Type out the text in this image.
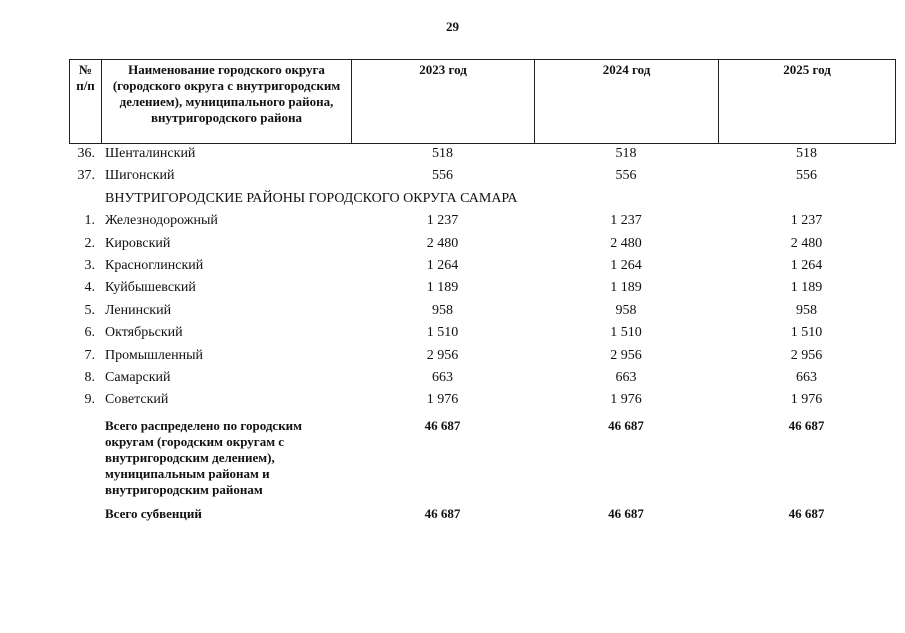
29
№ п/п	Наименование городского округа (городского округа с внутригородским делением), муниципального района, внутригородского района	2023 год	2024 год	2025 год
36.	Шенталинский	518	518	518
37.	Шигонский	556	556	556
	ВНУТРИГОРОДСКИЕ РАЙОНЫ ГОРОДСКОГО ОКРУГА САМАРА			
1.	Железнодорожный	1 237	1 237	1 237
2.	Кировский	2 480	2 480	2 480
3.	Красноглинский	1 264	1 264	1 264
4.	Куйбышевский	1 189	1 189	1 189
5.	Ленинский	958	958	958
6.	Октябрьский	1 510	1 510	1 510
7.	Промышленный	2 956	2 956	2 956
8.	Самарский	663	663	663
9.	Советский	1 976	1 976	1 976
	Всего распределено по городским округам (городским округам с внутригородским делением), муниципальным районам и внутригородским районам	46 687	46 687	46 687
	Всего субвенций	46 687	46 687	46 687
